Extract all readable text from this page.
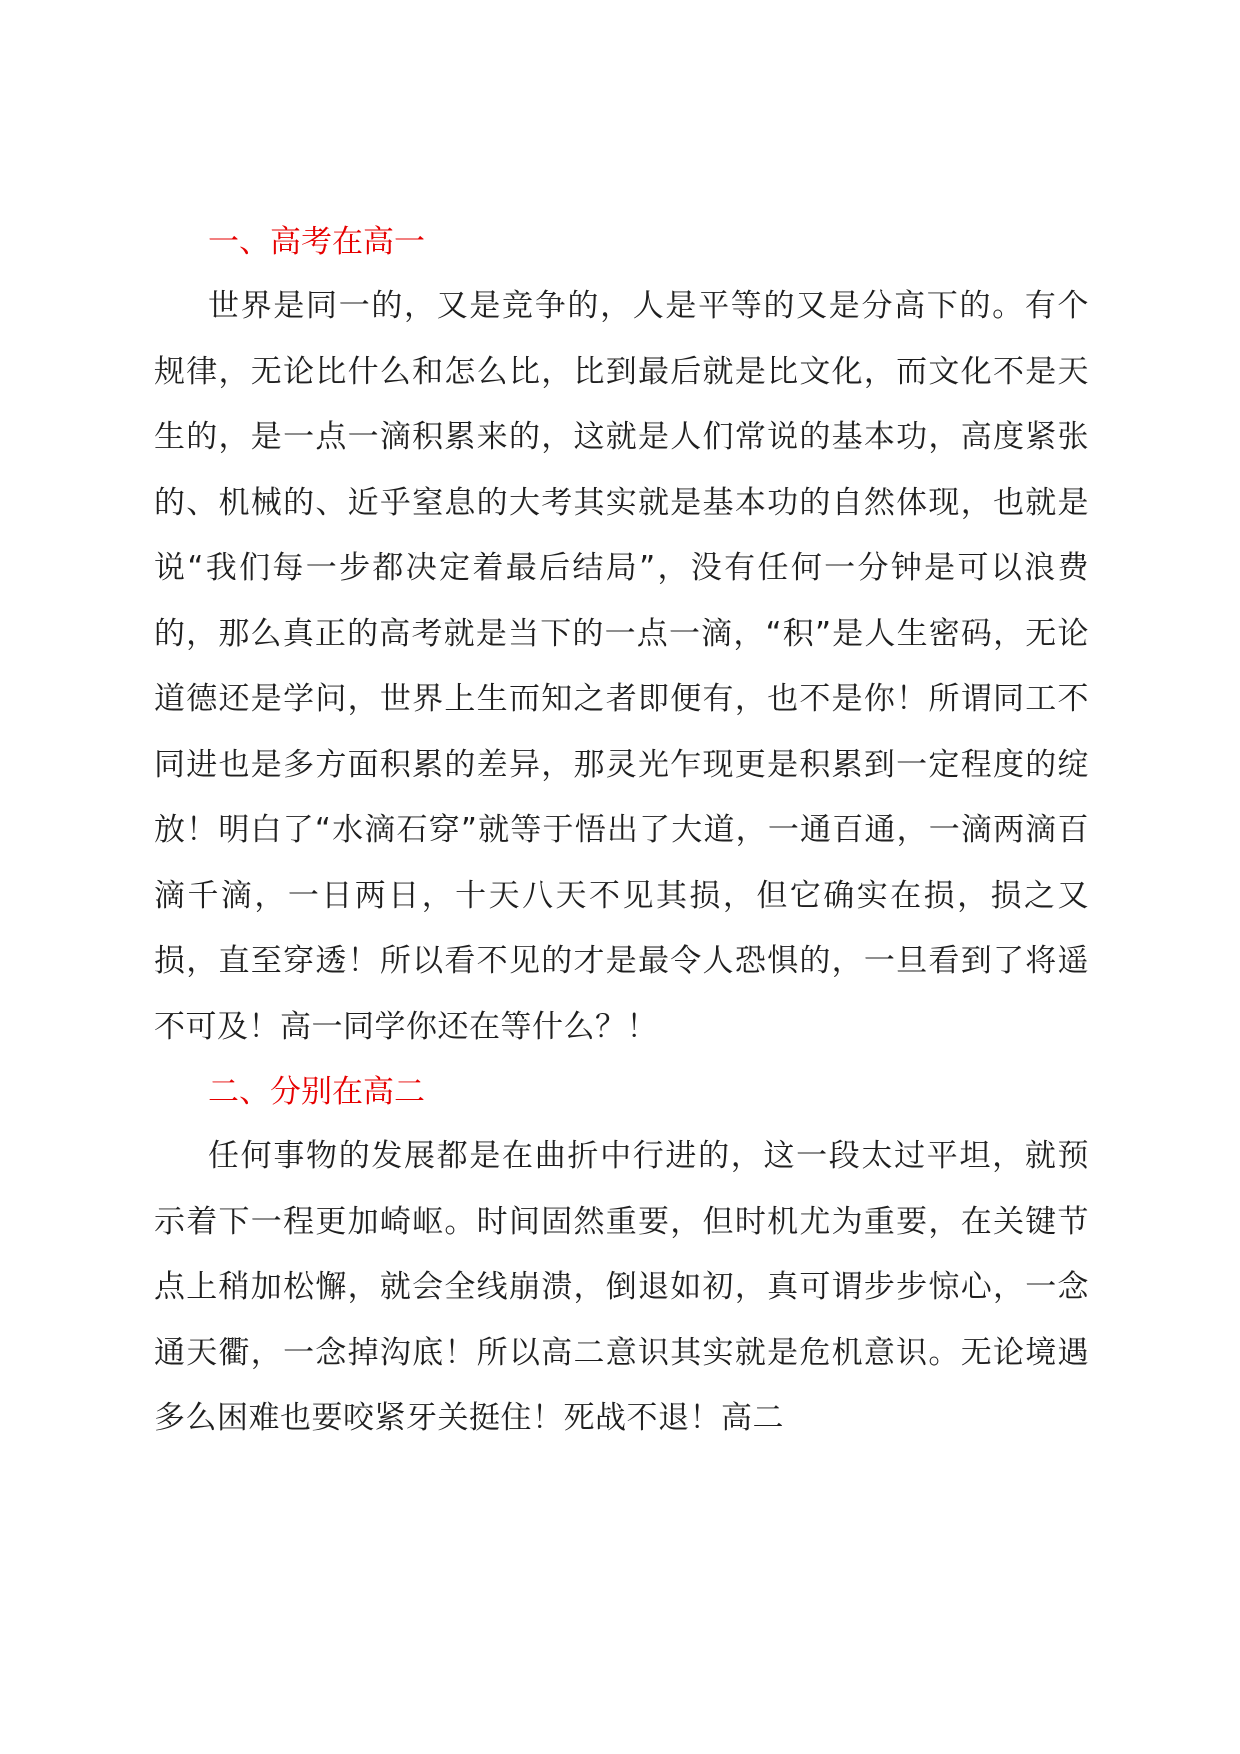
一、高考在高一

世界是同一的，又是竞争的，人是平等的又是分高下的。有个规律，无论比什么和怎么比，比到最后就是比文化，而文化不是天生的，是一点一滴积累来的，这就是人们常说的基本功，高度紧张的、机械的、近乎窒息的大考其实就是基本功的自然体现，也就是说“我们每一步都决定着最后结局”，没有任何一分钟是可以浪费的，那么真正的高考就是当下的一点一滴，“积”是人生密码，无论道德还是学问，世界上生而知之者即便有，也不是你！所谓同工不同进也是多方面积累的差异，那灵光乍现更是积累到一定程度的绽放！明白了“水滴石穿”就等于悟出了大道，一通百通，一滴两滴百滴千滴，一日两日，十天八天不见其损，但它确实在损，损之又损，直至穿透！所以看不见的才是最令人恐惧的，一旦看到了将遥不可及！高一同学你还在等什么？！

二、分别在高二

任何事物的发展都是在曲折中行进的，这一段太过平坦，就预示着下一程更加崎岖。时间固然重要，但时机尤为重要，在关键节点上稍加松懈，就会全线崩溃，倒退如初，真可谓步步惊心，一念通天衢，一念掉沟底！所以高二意识其实就是危机意识。无论境遇多么困难也要咬紧牙关挺住！死战不退！高二
